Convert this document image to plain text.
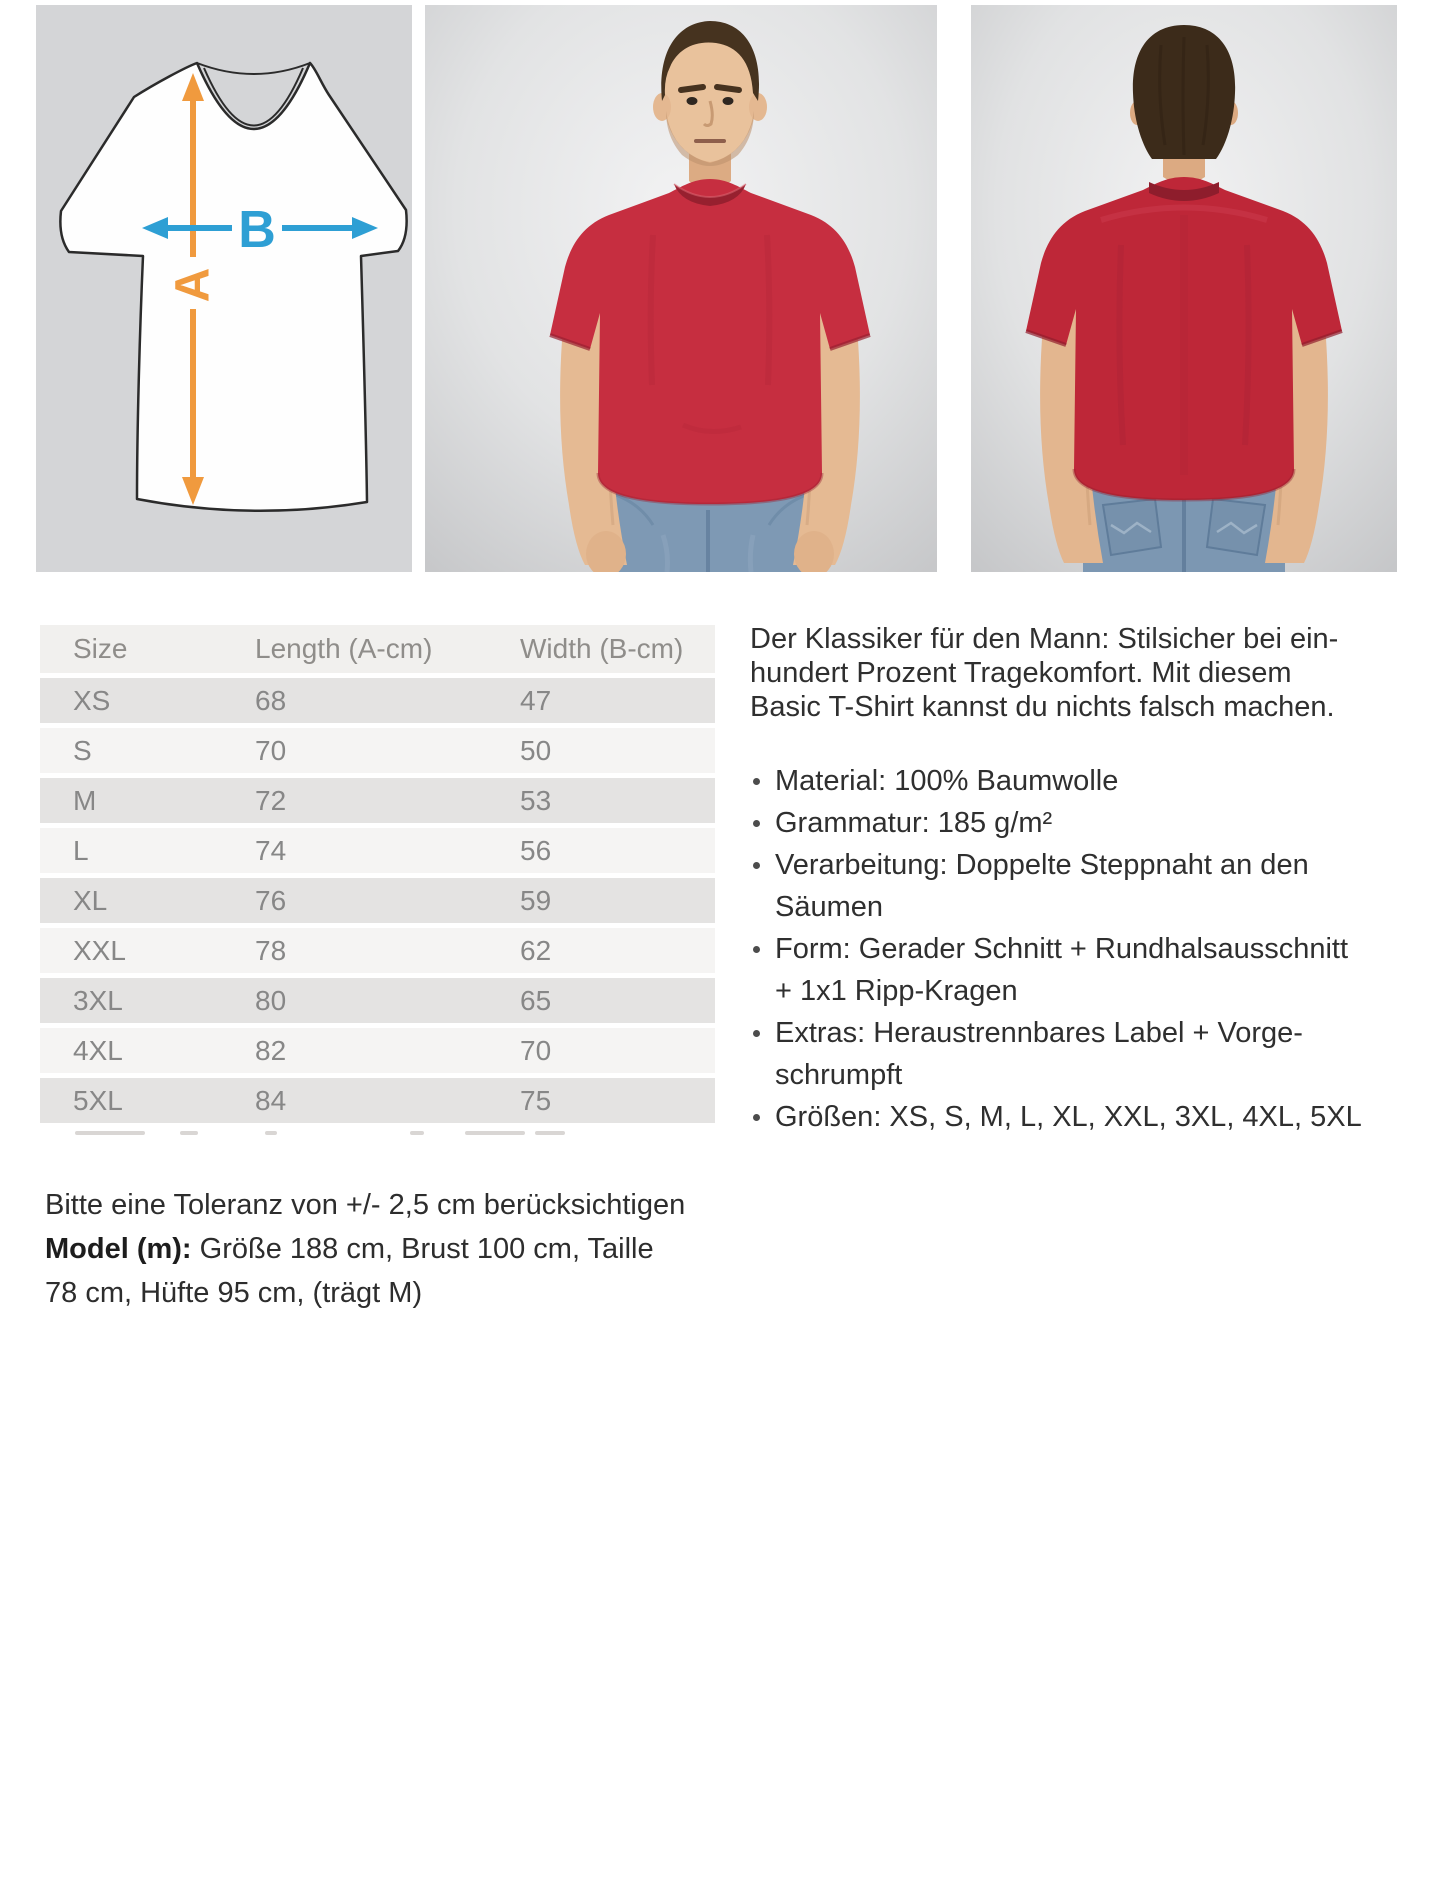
A
B
Size	Length (A-cm)	Width (B-cm)
XS	68	47
S	70	50
M	72	53
L	74	56
XL	76	59
XXL	78	62
3XL	80	65
4XL	82	70
5XL	84	75
Der Klassiker für den Mann: Stilsicher bei ein-
hundert Prozent Tragekomfort. Mit diesem
Basic T-Shirt kannst du nichts falsch machen.
Material: 100% Baumwolle
Grammatur: 185 g/m²
Verarbeitung: Doppelte Steppnaht an den
Säumen
Form: Gerader Schnitt + Rundhalsausschnitt
+ 1x1 Ripp-Kragen
Extras: Heraustrennbares Label + Vorge-
schrumpft
Größen: XS, S, M, L, XL, XXL, 3XL, 4XL, 5XL
Bitte eine Toleranz von +/- 2,5 cm berücksichtigen
Model (m): Größe 188 cm, Brust 100 cm, Taille
78 cm, Hüfte 95 cm, (trägt M)
